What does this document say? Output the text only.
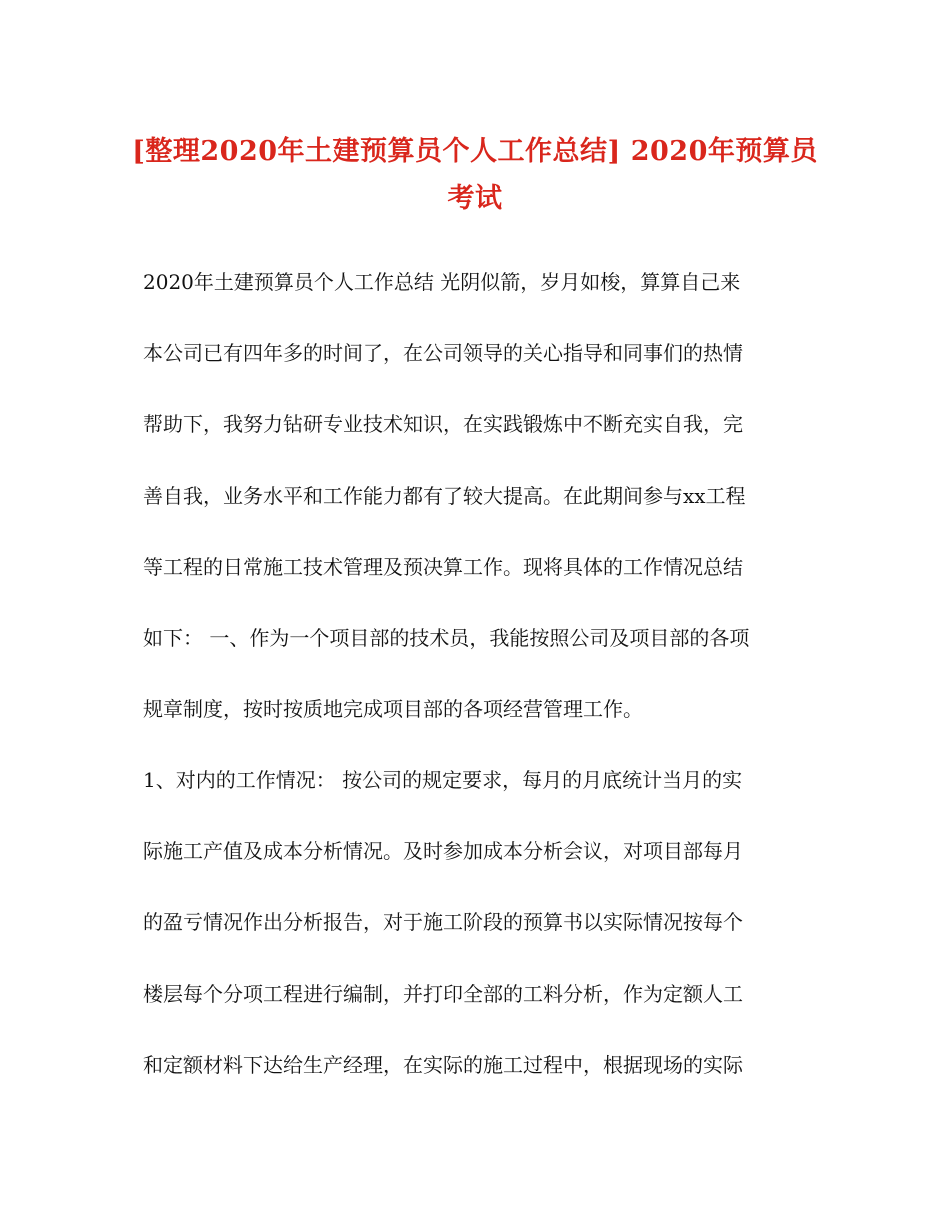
[整理2020年土建预算员个人工作总结] 2020年预算员考试
2020年土建预算员个人工作总结 光阴似箭，岁月如梭，算算自己来
本公司已有四年多的时间了，在公司领导的关心指导和同事们的热情
帮助下，我努力钻研专业技术知识，在实践锻炼中不断充实自我，完
善自我，业务水平和工作能力都有了较大提高。在此期间参与xx工程
等工程的日常施工技术管理及预决算工作。现将具体的工作情况总结
如下： 一、作为一个项目部的技术员，我能按照公司及项目部的各项
规章制度，按时按质地完成项目部的各项经营管理工作。
1、对内的工作情况： 按公司的规定要求，每月的月底统计当月的实
际施工产值及成本分析情况。及时参加成本分析会议，对项目部每月
的盈亏情况作出分析报告，对于施工阶段的预算书以实际情况按每个
楼层每个分项工程进行编制，并打印全部的工料分析，作为定额人工
和定额材料下达给生产经理，在实际的施工过程中，根据现场的实际
